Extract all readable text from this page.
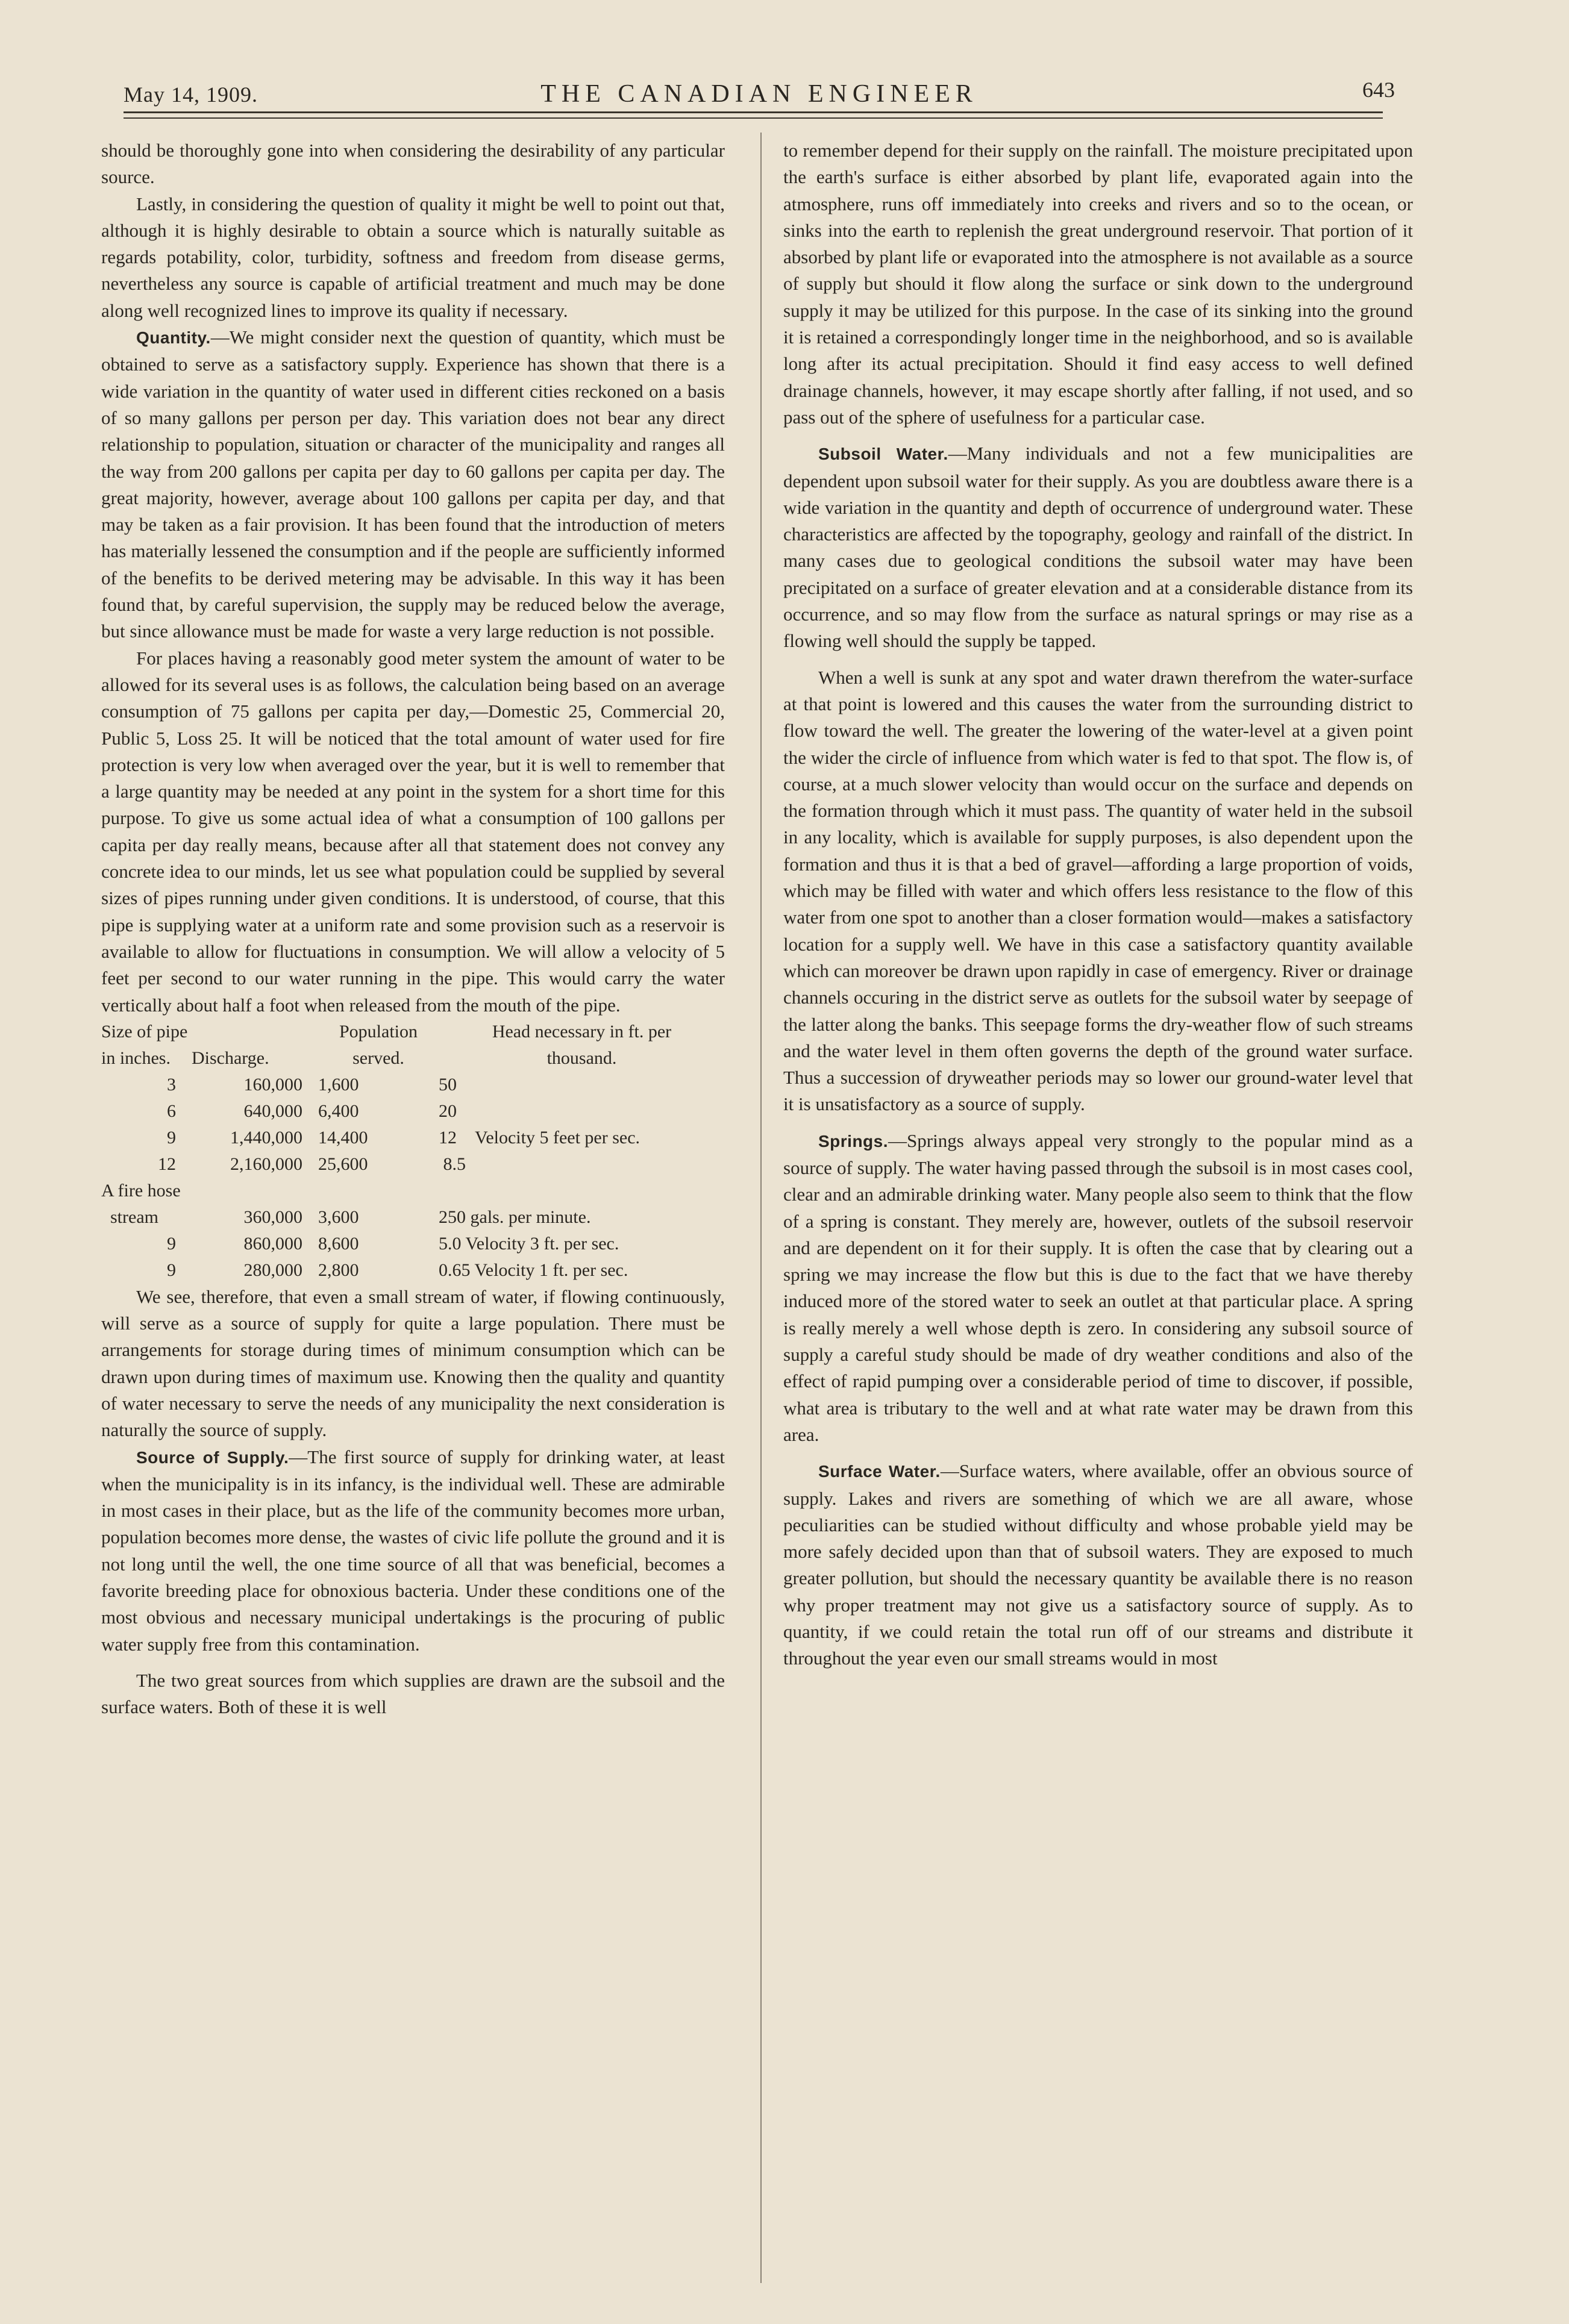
May 14, 1909.	THE CANADIAN ENGINEER	643

should be thoroughly gone into when considering the desirability of any particular source.

Lastly, in considering the question of quality it might be well to point out that, although it is highly desirable to obtain a source which is naturally suitable as regards potability, color, turbidity, softness and freedom from disease germs, nevertheless any source is capable of artificial treatment and much may be done along well recognized lines to improve its quality if necessary.

Quantity.—We might consider next the question of quantity, which must be obtained to serve as a satisfactory supply. Experience has shown that there is a wide variation in the quantity of water used in different cities reckoned on a basis of so many gallons per person per day. This variation does not bear any direct relationship to population, situation or character of the municipality and ranges all the way from 200 gallons per capita per day to 60 gallons per capita per day. The great majority, however, average about 100 gallons per capita per day, and that may be taken as a fair provision. It has been found that the introduction of meters has materially lessened the consumption and if the people are sufficiently informed of the benefits to be derived metering may be advisable. In this way it has been found that, by careful supervision, the supply may be reduced below the average, but since allowance must be made for waste a very large reduction is not possible.

For places having a reasonably good meter system the amount of water to be allowed for its several uses is as follows, the calculation being based on an average consumption of 75 gallons per capita per day,—Domestic 25, Commercial 20, Public 5, Loss 25. It will be noticed that the total amount of water used for fire protection is very low when averaged over the year, but it is well to remember that a large quantity may be needed at any point in the system for a short time for this purpose. To give us some actual idea of what a consumption of 100 gallons per capita per day really means, because after all that statement does not convey any concrete idea to our minds, let us see what population could be supplied by several sizes of pipes running under given conditions. It is understood, of course, that this pipe is supplying water at a uniform rate and some provision such as a reservoir is available to allow for fluctuations in consumption. We will allow a velocity of 5 feet per second to our water running in the pipe. This would carry the water vertically about half a foot when released from the mouth of the pipe.

Size of pipe		Population	Head necessary in ft. per
in inches.	Discharge.	served.	thousand.
3	160,000	1,600	50
6	640,000	6,400	20
9	1,440,000	14,400	12 Velocity 5 feet per sec.
12	2,160,000	25,600	8.5
A fire hose			
stream	360,000	3,600	250 gals. per minute.
9	860,000	8,600	5.0 Velocity 3 ft. per sec.
9	280,000	2,800	0.65 Velocity 1 ft. per sec.

We see, therefore, that even a small stream of water, if flowing continuously, will serve as a source of supply for quite a large population. There must be arrangements for storage during times of minimum consumption which can be drawn upon during times of maximum use. Knowing then the quality and quantity of water necessary to serve the needs of any municipality the next consideration is naturally the source of supply.

Source of Supply.—The first source of supply for drinking water, at least when the municipality is in its infancy, is the individual well. These are admirable in most cases in their place, but as the life of the community becomes more urban, population becomes more dense, the wastes of civic life pollute the ground and it is not long until the well, the one time source of all that was beneficial, becomes a favorite breeding place for obnoxious bacteria. Under these conditions one of the most obvious and necessary municipal undertakings is the procuring of public water supply free from this contamination.

The two great sources from which supplies are drawn are the subsoil and the surface waters. Both of these it is well

to remember depend for their supply on the rainfall. The moisture precipitated upon the earth's surface is either absorbed by plant life, evaporated again into the atmosphere, runs off immediately into creeks and rivers and so to the ocean, or sinks into the earth to replenish the great underground reservoir. That portion of it absorbed by plant life or evaporated into the atmosphere is not available as a source of supply but should it flow along the surface or sink down to the underground supply it may be utilized for this purpose. In the case of its sinking into the ground it is retained a correspondingly longer time in the neighborhood, and so is available long after its actual precipitation. Should it find easy access to well defined drainage channels, however, it may escape shortly after falling, if not used, and so pass out of the sphere of usefulness for a particular case.

Subsoil Water.—Many individuals and not a few municipalities are dependent upon subsoil water for their supply. As you are doubtless aware there is a wide variation in the quantity and depth of occurrence of underground water. These characteristics are affected by the topography, geology and rainfall of the district. In many cases due to geological conditions the subsoil water may have been precipitated on a surface of greater elevation and at a considerable distance from its occurrence, and so may flow from the surface as natural springs or may rise as a flowing well should the supply be tapped.

When a well is sunk at any spot and water drawn therefrom the water-surface at that point is lowered and this causes the water from the surrounding district to flow toward the well. The greater the lowering of the water-level at a given point the wider the circle of influence from which water is fed to that spot. The flow is, of course, at a much slower velocity than would occur on the surface and depends on the formation through which it must pass. The quantity of water held in the subsoil in any locality, which is available for supply purposes, is also dependent upon the formation and thus it is that a bed of gravel—affording a large proportion of voids, which may be filled with water and which offers less resistance to the flow of this water from one spot to another than a closer formation would—makes a satisfactory location for a supply well. We have in this case a satisfactory quantity available which can moreover be drawn upon rapidly in case of emergency. River or drainage channels occuring in the district serve as outlets for the subsoil water by seepage of the latter along the banks. This seepage forms the dry-weather flow of such streams and the water level in them often governs the depth of the ground water surface. Thus a succession of dryweather periods may so lower our ground-water level that it is unsatisfactory as a source of supply.

Springs.—Springs always appeal very strongly to the popular mind as a source of supply. The water having passed through the subsoil is in most cases cool, clear and an admirable drinking water. Many people also seem to think that the flow of a spring is constant. They merely are, however, outlets of the subsoil reservoir and are dependent on it for their supply. It is often the case that by clearing out a spring we may increase the flow but this is due to the fact that we have thereby induced more of the stored water to seek an outlet at that particular place. A spring is really merely a well whose depth is zero. In considering any subsoil source of supply a careful study should be made of dry weather conditions and also of the effect of rapid pumping over a considerable period of time to discover, if possible, what area is tributary to the well and at what rate water may be drawn from this area.

Surface Water.—Surface waters, where available, offer an obvious source of supply. Lakes and rivers are something of which we are all aware, whose peculiarities can be studied without difficulty and whose probable yield may be more safely decided upon than that of subsoil waters. They are exposed to much greater pollution, but should the necessary quantity be available there is no reason why proper treatment may not give us a satisfactory source of supply. As to quantity, if we could retain the total run off of our streams and distribute it throughout the year even our small streams would in most
